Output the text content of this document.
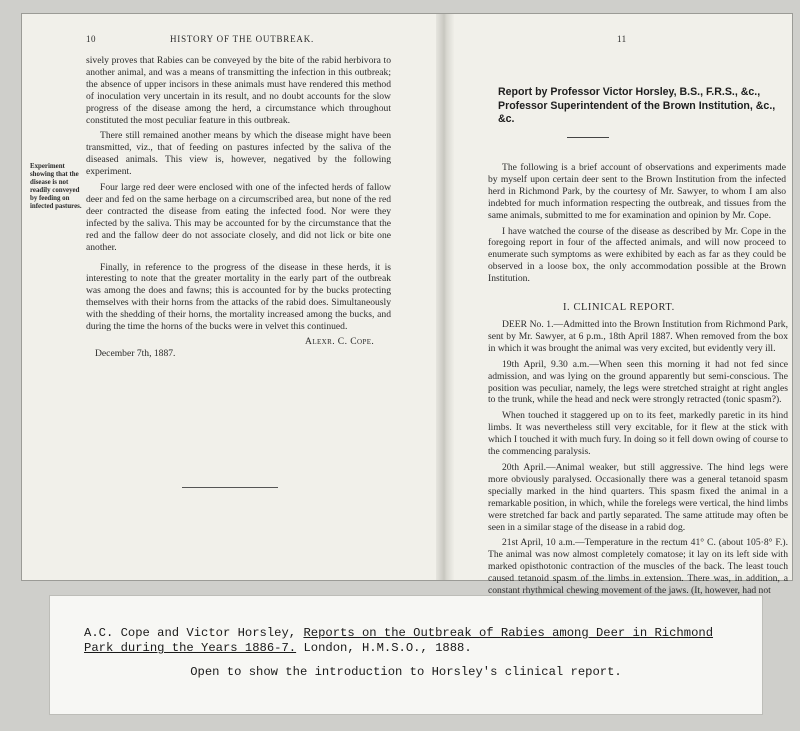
10	HISTORY OF THE OUTBREAK.
Experiment showing that the disease is not readily conveyed by feeding on infected pastures.

sively proves that Rabies can be conveyed by the bite of the rabid herbivora to another animal, and was a means of transmitting the infection in this outbreak; the absence of upper incisors in these animals must have rendered this method of inoculation very uncertain in its result, and no doubt accounts for the slow progress of the disease among the herd, a circumstance which throughout constituted the most peculiar feature in this outbreak.

There still remained another means by which the disease might have been transmitted, viz., that of feeding on pastures infected by the saliva of the diseased animals. This view is, however, negatived by the following experiment.

Four large red deer were enclosed with one of the infected herds of fallow deer and fed on the same herbage on a circumscribed area, but none of the red deer contracted the disease from eating the infected food. Nor were they infected by the saliva. This may be accounted for by the circumstance that the red and the fallow deer do not associate closely, and did not lick or bite one another.

Finally, in reference to the progress of the disease in these herds, it is interesting to note that the greater mortality in the early part of the outbreak was among the does and fawns; this is accounted for by the bucks protecting themselves with their horns from the attacks of the rabid does. Simultaneously with the shedding of their horns, the mortality increased among the bucks, and during the time the horns of the bucks were in velvet this continued.

Alexr. C. Cope.
December 7th, 1887.
11
Report by Professor Victor Horsley, B.S., F.R.S., &c., Professor Superintendent of the Brown Institution, &c., &c.

The following is a brief account of observations and experiments made by myself upon certain deer sent to the Brown Institution from the infected herd in Richmond Park, by the courtesy of Mr. Sawyer, to whom I am also indebted for much information respecting the outbreak, and tissues from the same animals, submitted to me for examination and opinion by Mr. Cope.

I have watched the course of the disease as described by Mr. Cope in the foregoing report in four of the affected animals, and will now proceed to enumerate such symptoms as were exhibited by each as far as they could be observed in a loose box, the only accommodation possible at the Brown Institution.

I. CLINICAL REPORT.

DEER No. 1.—Admitted into the Brown Institution from Richmond Park, sent by Mr. Sawyer, at 6 p.m., 18th April 1887. When removed from the box in which it was brought the animal was very excited, but evidently very ill.

19th April, 9.30 a.m.—When seen this morning it had not fed since admission, and was lying on the ground apparently but semi-conscious. The position was peculiar, namely, the legs were stretched straight at right angles to the trunk, while the head and neck were strongly retracted (tonic spasm?).

When touched it staggered up on to its feet, markedly paretic in its hind limbs. It was nevertheless still very excitable, for it flew at the stick with which I touched it with much fury. In doing so it fell down owing of course to the commencing paralysis.

20th April.—Animal weaker, but still aggressive. The hind legs were more obviously paralysed. Occasionally there was a general tetanoid spasm specially marked in the hind quarters. This spasm fixed the animal in a remarkable position, in which, while the forelegs were vertical, the hind limbs were stretched far back and partly separated. The same attitude may often be seen in a similar stage of the disease in a rabid dog.

21st April, 10 a.m.—Temperature in the rectum 41° C. (about 105·8° F.). The animal was now almost completely comatose; it lay on its left side with marked opisthotonic contraction of the muscles of the back. The least touch caused tetanoid spasm of the limbs in extension. There was, in addition, a constant rhythmical chewing movement of the jaws. (It, however, had not

A.C. Cope and Victor Horsley, Reports on the Outbreak of Rabies among Deer in Richmond Park during the Years 1886-7. London, H.M.S.O., 1888.
Open to show the introduction to Horsley's clinical report.
